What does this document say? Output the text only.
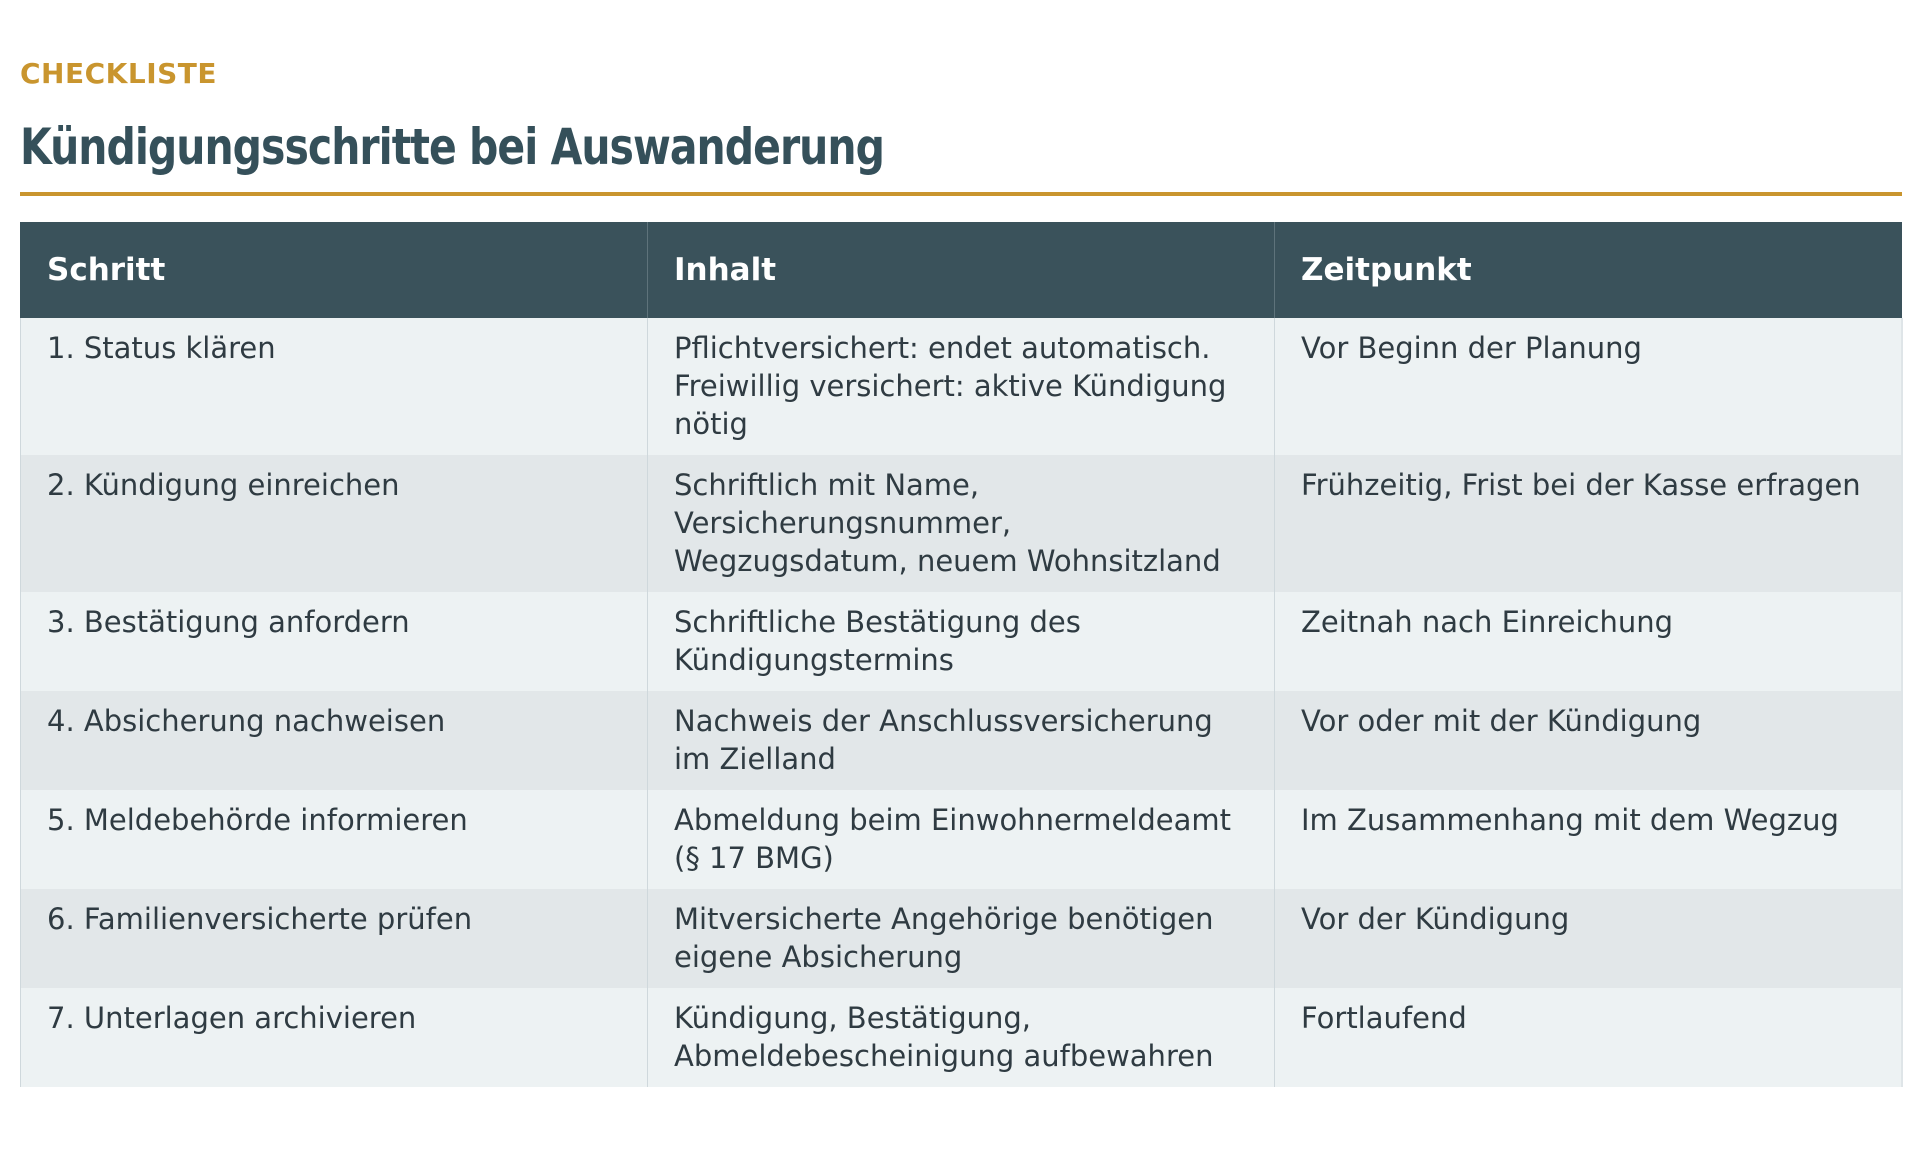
CHECKLISTE
Kündigungsschritte bei Auswanderung
Schritt	Inhalt	Zeitpunkt
1. Status klären	Pflichtversichert: endet automatisch. Freiwillig versichert: aktive Kündigung nötig	Vor Beginn der Planung
2. Kündigung einreichen	Schriftlich mit Name, Versicherungsnummer, Wegzugsdatum, neuem Wohnsitzland	Frühzeitig, Frist bei der Kasse erfragen
3. Bestätigung anfordern	Schriftliche Bestätigung des Kündigungstermins	Zeitnah nach Einreichung
4. Absicherung nachweisen	Nachweis der Anschlussversicherung im Zielland	Vor oder mit der Kündigung
5. Meldebehörde informieren	Abmeldung beim Einwohnermeldeamt (§ 17 BMG)	Im Zusammenhang mit dem Wegzug
6. Familienversicherte prüfen	Mitversicherte Angehörige benötigen eigene Absicherung	Vor der Kündigung
7. Unterlagen archivieren	Kündigung, Bestätigung, Abmeldebescheinigung aufbewahren	Fortlaufend
